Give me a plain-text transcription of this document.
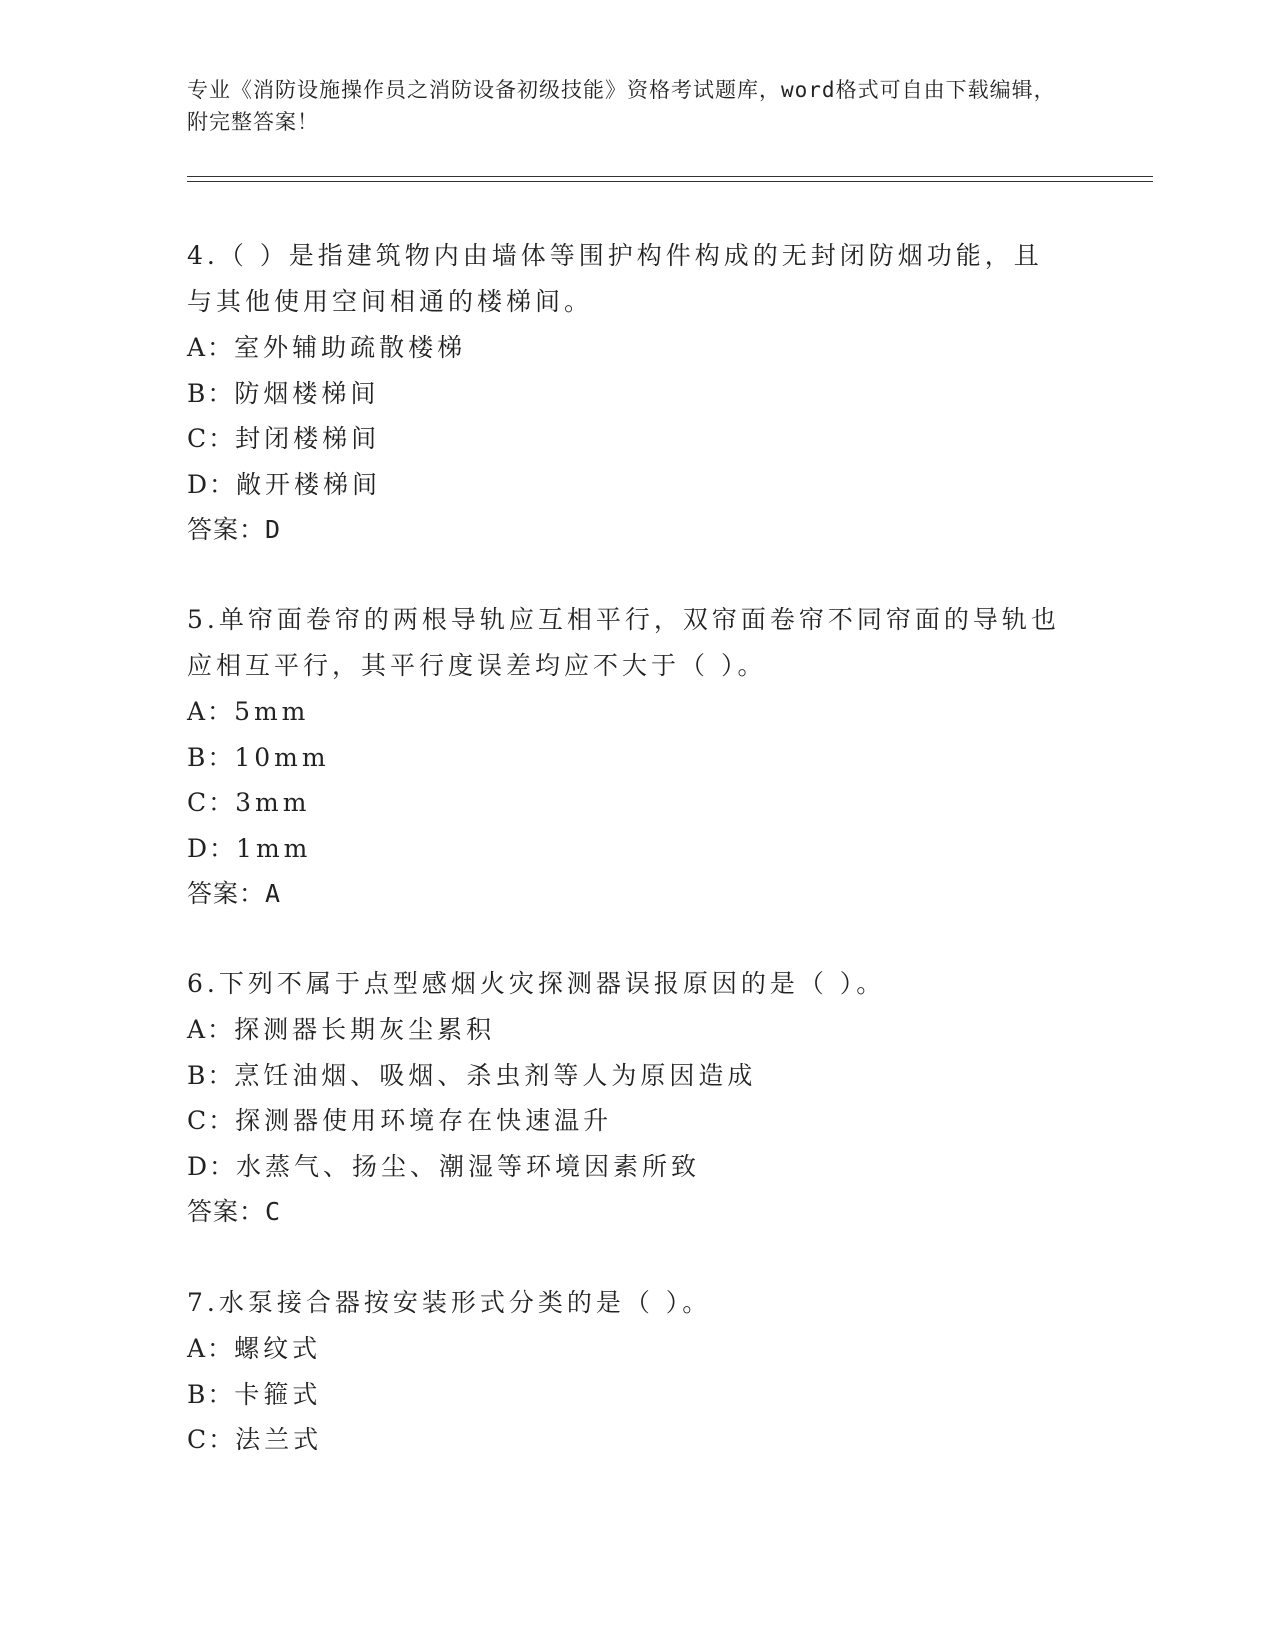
专业《消防设施操作员之消防设备初级技能》资格考试题库，word格式可自由下载编辑，附完整答案！
4.（ ）是指建筑物内由墙体等围护构件构成的无封闭防烟功能，且与其他使用空间相通的楼梯间。
A：室外辅助疏散楼梯
B：防烟楼梯间
C：封闭楼梯间
D：敞开楼梯间
答案：D
5.单帘面卷帘的两根导轨应互相平行，双帘面卷帘不同帘面的导轨也应相互平行，其平行度误差均应不大于（ ）。
A：5mm
B：10mm
C：3mm
D：1mm
答案：A
6.下列不属于点型感烟火灾探测器误报原因的是（ ）。
A：探测器长期灰尘累积
B：烹饪油烟、吸烟、杀虫剂等人为原因造成
C：探测器使用环境存在快速温升
D：水蒸气、扬尘、潮湿等环境因素所致
答案：C
7.水泵接合器按安装形式分类的是（ ）。
A：螺纹式
B：卡箍式
C：法兰式
